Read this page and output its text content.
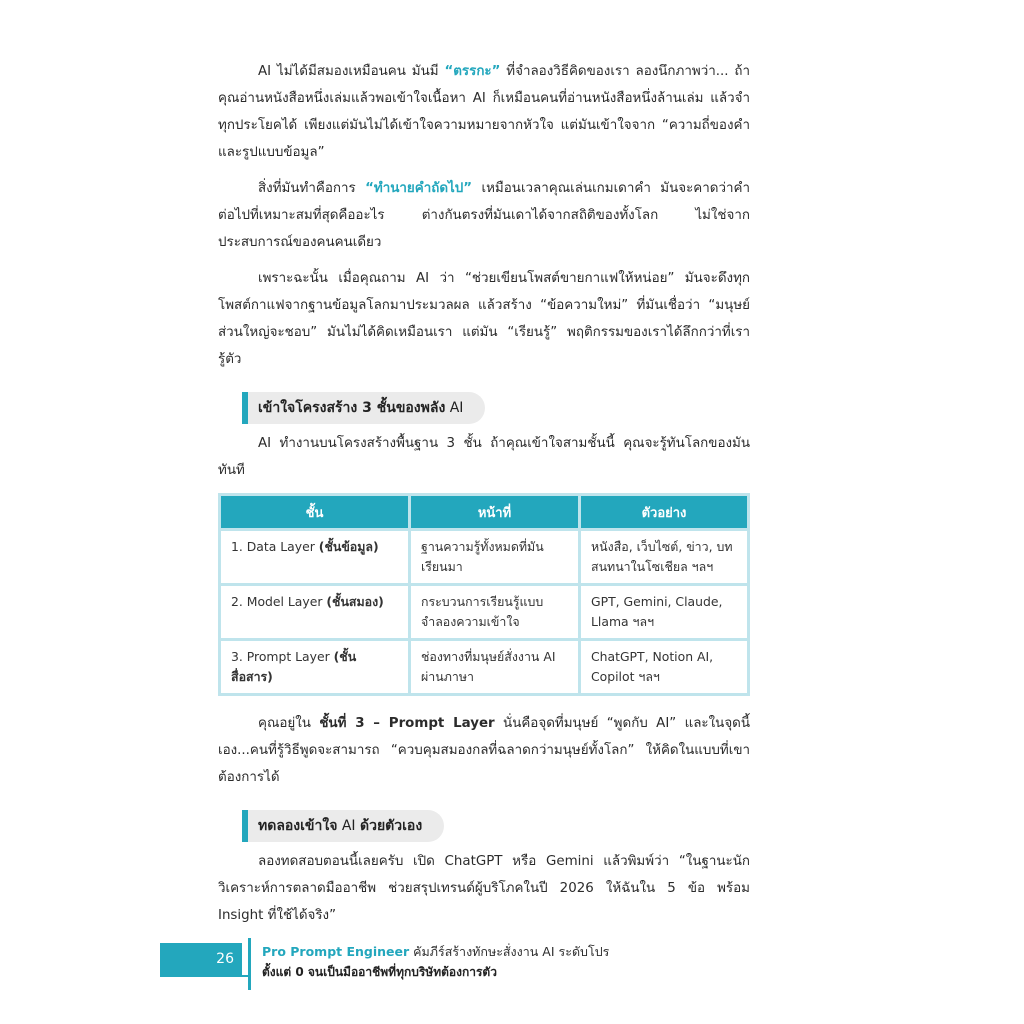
AI ไม่ได้มีสมองเหมือนคน มันมี “ตรรกะ” ที่จำลองวิธีคิดของเรา ลองนึกภาพว่า... ถ้าคุณอ่านหนังสือหนึ่งเล่มแล้วพอเข้าใจเนื้อหา AI ก็เหมือนคนที่อ่านหนังสือหนึ่งล้านเล่ม แล้วจำทุกประโยคได้ เพียงแต่มันไม่ได้เข้าใจความหมายจากหัวใจ แต่มันเข้าใจจาก “ความถี่ของคำและรูปแบบข้อมูล”

สิ่งที่มันทำคือการ “ทำนายคำถัดไป” เหมือนเวลาคุณเล่นเกมเดาคำ มันจะคาดว่าคำต่อไปที่เหมาะสมที่สุดคืออะไร ต่างกันตรงที่มันเดาได้จากสถิติของทั้งโลก ไม่ใช่จากประสบการณ์ของคนคนเดียว

เพราะฉะนั้น เมื่อคุณถาม AI ว่า “ช่วยเขียนโพสต์ขายกาแฟให้หน่อย” มันจะดึงทุกโพสต์กาแฟจากฐานข้อมูลโลกมาประมวลผล แล้วสร้าง “ข้อความใหม่” ที่มันเชื่อว่า “มนุษย์ส่วนใหญ่จะชอบ” มันไม่ได้คิดเหมือนเรา แต่มัน “เรียนรู้” พฤติกรรมของเราได้ลึกกว่าที่เรารู้ตัว

เข้าใจโครงสร้าง 3 ชั้นของพลัง AI

AI ทำงานบนโครงสร้างพื้นฐาน 3 ชั้น ถ้าคุณเข้าใจสามชั้นนี้ คุณจะรู้ทันโลกของมันทันที

ชั้น	หน้าที่	ตัวอย่าง
1. Data Layer (ชั้นข้อมูล)	ฐานความรู้ทั้งหมดที่มันเรียนมา	หนังสือ, เว็บไซต์, ข่าว, บทสนทนาในโซเชียล ฯลฯ
2. Model Layer (ชั้นสมอง)	กระบวนการเรียนรู้แบบจำลองความเข้าใจ	GPT, Gemini, Claude, Llama ฯลฯ
3. Prompt Layer (ชั้นสื่อสาร)	ช่องทางที่มนุษย์สั่งงาน AI ผ่านภาษา	ChatGPT, Notion AI, Copilot ฯลฯ

คุณอยู่ใน ชั้นที่ 3 – Prompt Layer นั่นคือจุดที่มนุษย์ “พูดกับ AI” และในจุดนี้เอง...คนที่รู้วิธีพูดจะสามารถ “ควบคุมสมองกลที่ฉลาดกว่ามนุษย์ทั้งโลก” ให้คิดในแบบที่เขาต้องการได้

ทดลองเข้าใจ AI ด้วยตัวเอง

ลองทดสอบตอนนี้เลยครับ เปิด ChatGPT หรือ Gemini แล้วพิมพ์ว่า “ในฐานะนักวิเคราะห์การตลาดมืออาชีพ ช่วยสรุปเทรนด์ผู้บริโภคในปี 2026 ให้ฉันใน 5 ข้อ พร้อม Insight ที่ใช้ได้จริง”

26 Pro Prompt Engineer คัมภีร์สร้างทักษะสั่งงาน AI ระดับโปร
ตั้งแต่ 0 จนเป็นมืออาชีพที่ทุกบริษัทต้องการตัว
